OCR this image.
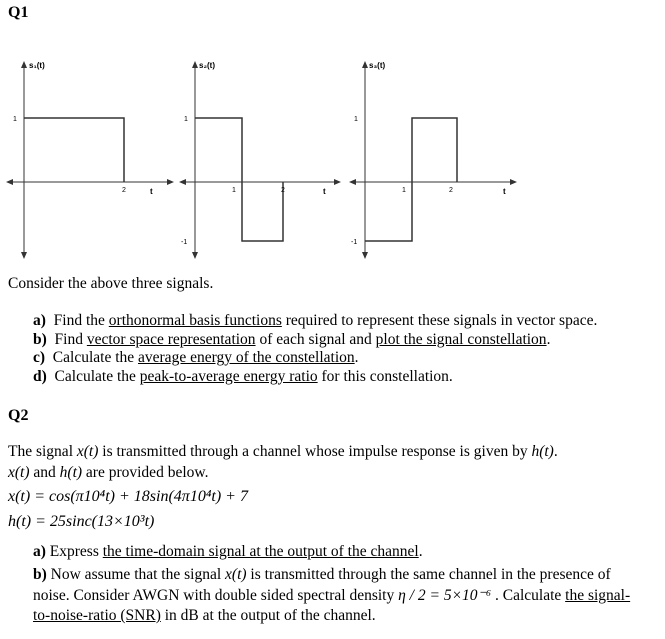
Q1
s₁(t)
1
2	t
s₂(t)
1
-1
1	2	t
s₃(t)
1
-1
1	2	t
Consider the above three signals.
a) Find the orthonormal basis functions required to represent these signals in vector space.
b) Find vector space representation of each signal and plot the signal constellation.
c) Calculate the average energy of the constellation.
d) Calculate the peak-to-average energy ratio for this constellation.
Q2
The signal x(t) is transmitted through a channel whose impulse response is given by h(t).
x(t) and h(t) are provided below.
x(t) = cos(π10⁴t) + 18sin(4π10⁴t) + 7
h(t) = 25sinc(13×10³t)
a) Express the time-domain signal at the output of the channel.
b) Now assume that the signal x(t) is transmitted through the same channel in the presence of
noise. Consider AWGN with double sided spectral density η / 2 = 5×10⁻⁶ . Calculate the signal-
to-noise-ratio (SNR) in dB at the output of the channel.
